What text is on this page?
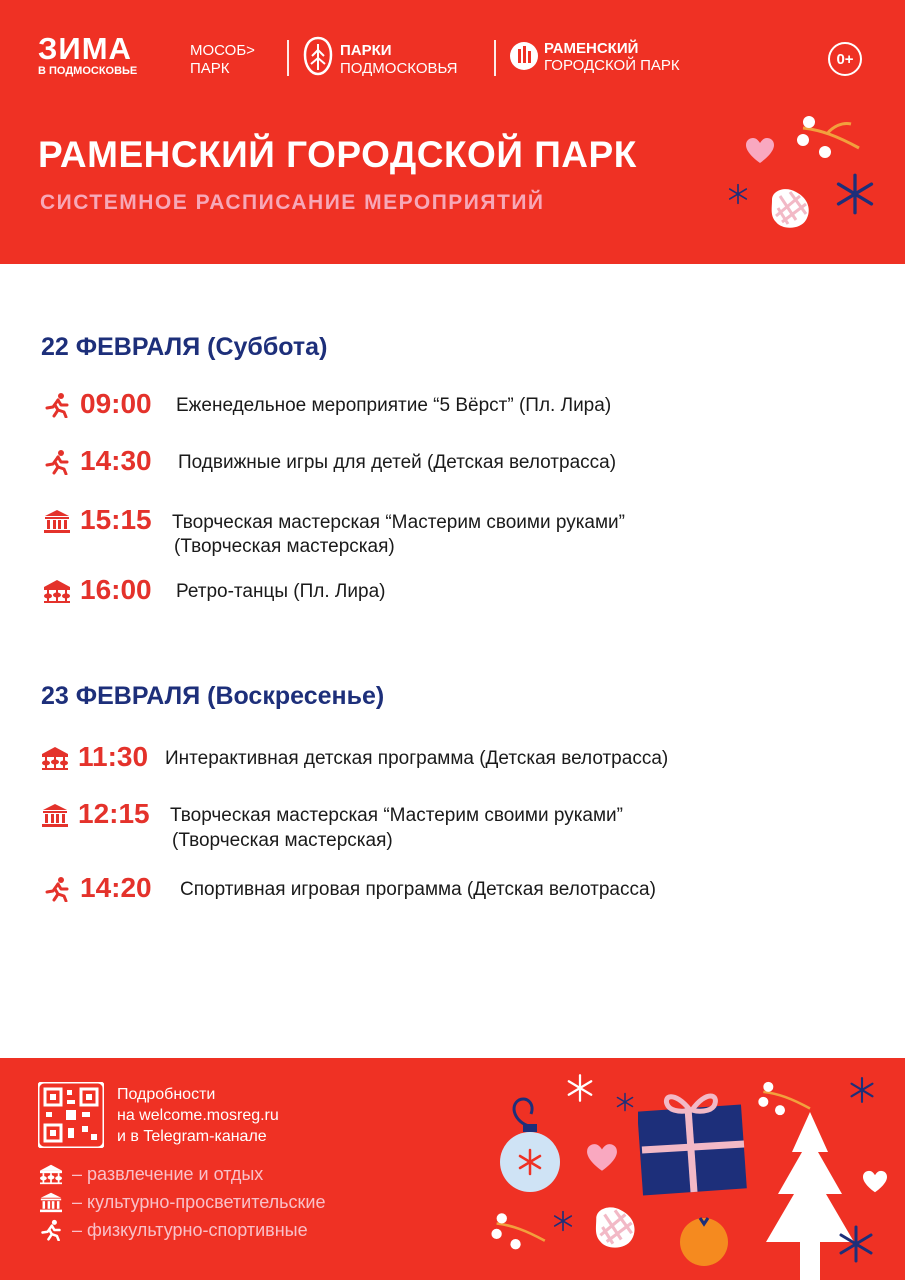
ЗИМА
В ПОДМОСКОВЬЕ
МОСОБ>
ПАРК
ПАРКИ
ПОДМОСКОВЬЯ
РАМЕНСКИЙ
ГОРОДСКОЙ ПАРК	0+
РАМЕНСКИЙ ГОРОДСКОЙ ПАРК
СИСТЕМНОЕ РАСПИСАНИЕ МЕРОПРИЯТИЙ
22 ФЕВРАЛЯ (Суббота)
09:00 Еженедельное мероприятие “5 Вёрст” (Пл. Лира)
14:30 Подвижные игры для детей (Детская велотрасса)
15:15 Творческая мастерская “Мастерим своими руками”
(Творческая мастерская)
16:00 Ретро-танцы (Пл. Лира)
23 ФЕВРАЛЯ (Воскресенье)
11:30 Интерактивная детская программа (Детская велотрасса)
12:15 Творческая мастерская “Мастерим своими руками”
(Творческая мастерская)
14:20 Спортивная игровая программа (Детская велотрасса)
Подробности
на welcome.mosreg.ru
и в Telegram-канале
– развлечение и отдых
– культурно-просветительские
– физкультурно-спортивные
